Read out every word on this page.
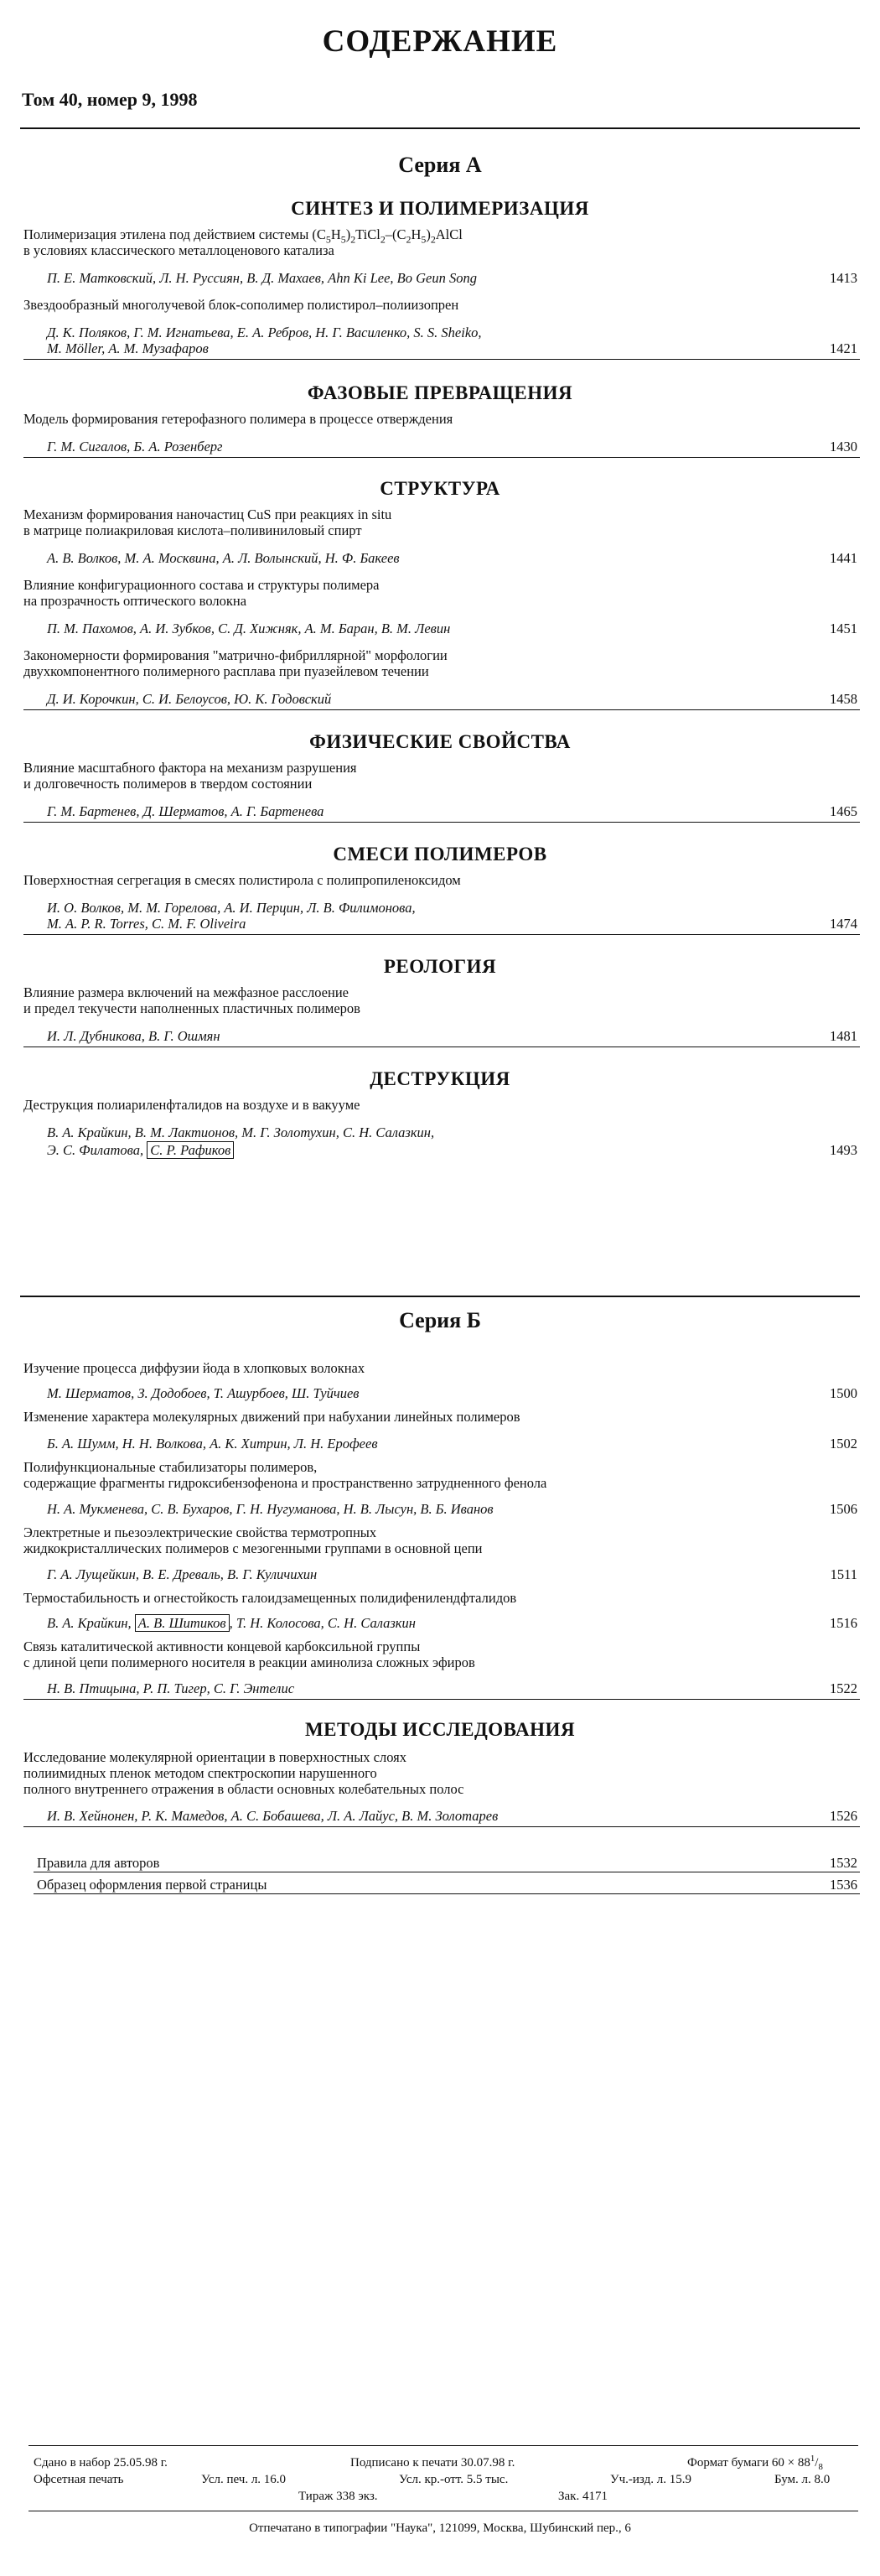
СОДЕРЖАНИЕ
Том 40, номер 9, 1998
Серия А
СИНТЕЗ И ПОЛИМЕРИЗАЦИЯ
Полимеризация этилена под действием системы $(C_5H_5)_2TiCl_2-(C_2H_5)_2AlCl$
в условиях классического металлоценового катализа
П. Е. Матковский, Л. Н. Руссиян, В. Д. Махаев, Ahn Ki Lee, Bo Geun Song	1413
Звездообразный многолучевой блок-сополимер полистирол–полиизопрен
Д. К. Поляков, Г. М. Игнатьева, Е. А. Ребров, Н. Г. Василенко, S. S. Sheiko,
M. Möller, А. М. Музафаров	1421
ФАЗОВЫЕ ПРЕВРАЩЕНИЯ
Модель формирования гетерофазного полимера в процессе отверждения
Г. М. Сигалов, Б. А. Розенберг	1430
СТРУКТУРА
Механизм формирования наночастиц CuS при реакциях in situ
в матрице полиакриловая кислота–поливиниловый спирт
А. В. Волков, М. А. Москвина, А. Л. Волынский, Н. Ф. Бакеев	1441
Влияние конфигурационного состава и структуры полимера
на прозрачность оптического волокна
П. М. Пахомов, А. И. Зубков, С. Д. Хижняк, А. М. Баран, В. М. Левин	1451
Закономерности формирования "матрично-фибриллярной" морфологии
двухкомпонентного полимерного расплава при пуазейлевом течении
Д. И. Корочкин, С. И. Белоусов, Ю. К. Годовский	1458
ФИЗИЧЕСКИЕ СВОЙСТВА
Влияние масштабного фактора на механизм разрушения
и долговечность полимеров в твердом состоянии
Г. М. Бартенев, Д. Шерматов, А. Г. Бартенева	1465
СМЕСИ ПОЛИМЕРОВ
Поверхностная сегрегация в смесях полистирола с полипропиленоксидом
И. О. Волков, М. М. Горелова, А. И. Перцин, Л. В. Филимонова,
М. A. P. R. Torres, C. M. F. Oliveira	1474
РЕОЛОГИЯ
Влияние размера включений на межфазное расслоение
и предел текучести наполненных пластичных полимеров
И. Л. Дубникова, В. Г. Ошмян	1481
ДЕСТРУКЦИЯ
Деструкция полиариленфталидов на воздухе и в вакууме
В. А. Крайкин, В. М. Лактионов, М. Г. Золотухин, С. Н. Салазкин,
Э. С. Филатова, С. Р. Рафиков	1493
Серия Б
Изучение процесса диффузии йода в хлопковых волокнах
М. Шерматов, З. Додобоев, Т. Ашурбоев, Ш. Туйчиев	1500
Изменение характера молекулярных движений при набухании линейных полимеров
Б. А. Шумм, Н. Н. Волкова, А. К. Хитрин, Л. Н. Ерофеев	1502
Полифункциональные стабилизаторы полимеров,
содержащие фрагменты гидроксибензофенона и пространственно затрудненного фенола
Н. А. Мукменева, С. В. Бухаров, Г. Н. Нугуманова, Н. В. Лысун, В. Б. Иванов	1506
Электретные и пьезоэлектрические свойства термотропных
жидкокристаллических полимеров с мезогенными группами в основной цепи
Г. А. Лущейкин, В. Е. Древаль, В. Г. Куличихин	1511
Термостабильность и огнестойкость галоидзамещенных полидифенилендфталидов
В. А. Крайкин, А. В. Шитиков , Т. Н. Колосова, С. Н. Салазкин	1516
Связь каталитической активности концевой карбоксильной группы
с длиной цепи полимерного носителя в реакции аминолиза сложных эфиров
Н. В. Птицына, Р. П. Тигер, С. Г. Энтелис	1522
МЕТОДЫ ИССЛЕДОВАНИЯ
Исследование молекулярной ориентации в поверхностных слоях
полиимидных пленок методом спектроскопии нарушенного
полного внутреннего отражения в области основных колебательных полос
И. В. Хейнонен, Р. К. Мамедов, А. С. Бобашева, Л. А. Лайус, В. М. Золотарев	1526
Правила для авторов	1532
Образец оформления первой страницы	1536
Сдано в набор 25.05.98 г.	Подписано к печати 30.07.98 г.	Формат бумаги $60 \times 88^1/_8$
Офсетная печать	Усл. печ. л. 16.0	Усл. кр.-отт. 5.5 тыс.	Уч.-изд. л. 15.9	Бум. л. 8.0
Тираж 338 экз.	Зак. 4171
Отпечатано в типографии "Наука", 121099, Москва, Шубинский пер., 6
